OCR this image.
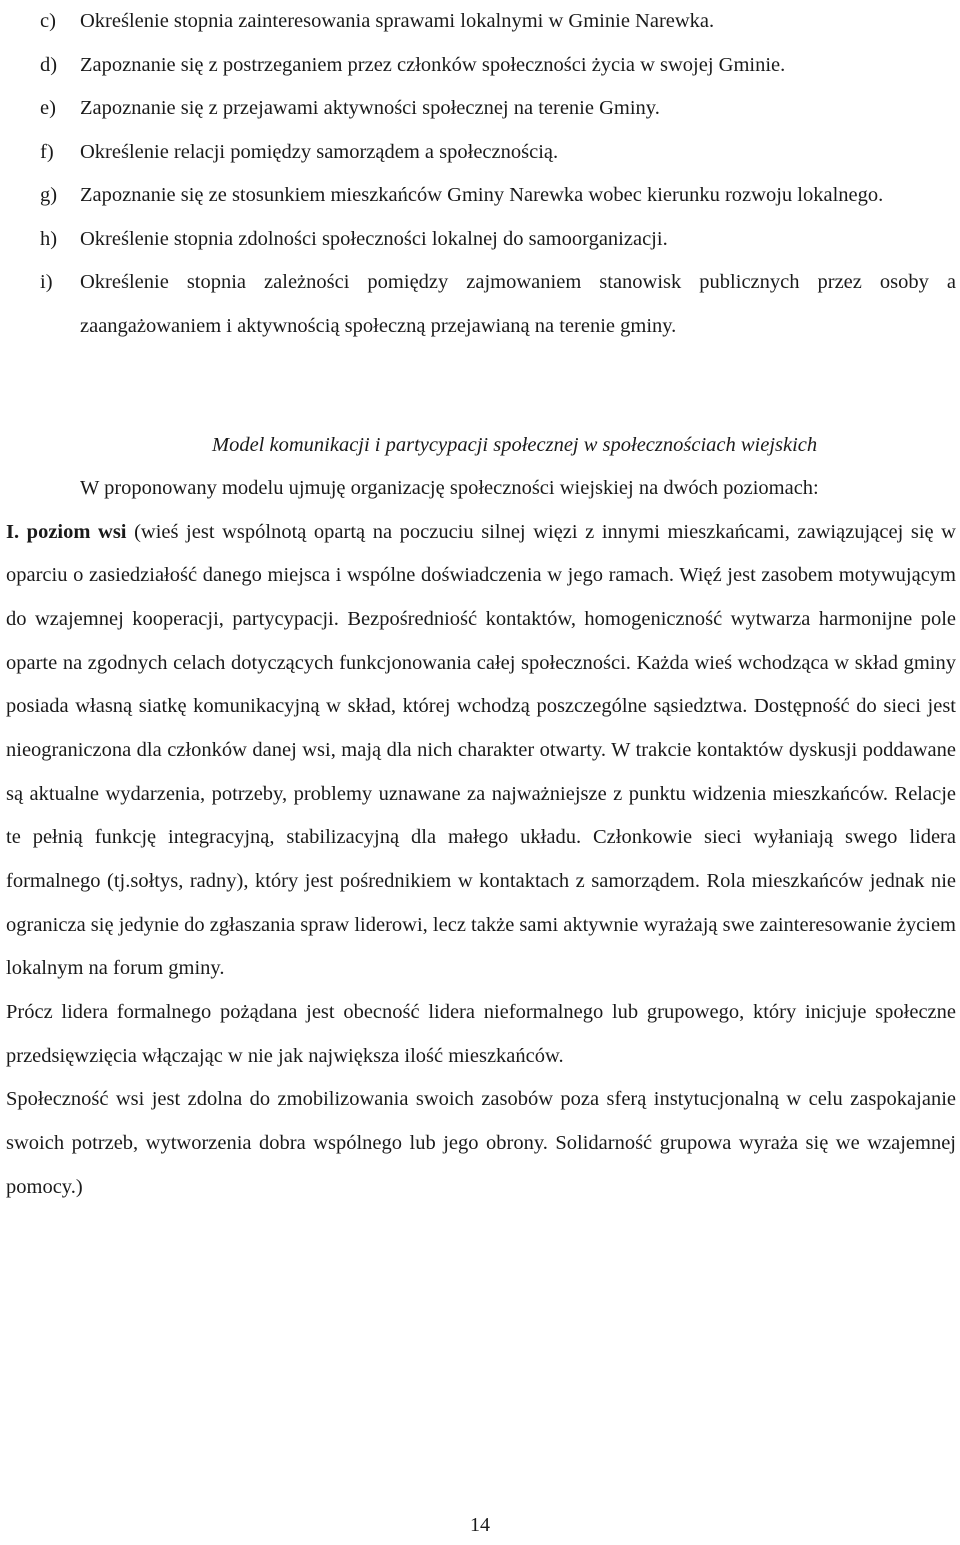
c) Określenie stopnia zainteresowania sprawami lokalnymi w Gminie Narewka.
d) Zapoznanie się z postrzeganiem przez członków społeczności życia w swojej Gminie.
e) Zapoznanie się z przejawami aktywności społecznej na terenie Gminy.
f) Określenie relacji pomiędzy samorządem a społecznością.
g) Zapoznanie się ze stosunkiem mieszkańców Gminy Narewka wobec kierunku rozwoju lokalnego.
h) Określenie stopnia zdolności społeczności lokalnej do samoorganizacji.
i) Określenie stopnia zależności pomiędzy zajmowaniem stanowisk publicznych przez osoby a zaangażowaniem i aktywnością społeczną przejawianą na terenie gminy.
Model komunikacji i partycypacji społecznej w społecznościach wiejskich

W proponowany modelu ujmuję organizację społeczności wiejskiej na dwóch poziomach:

I. poziom wsi (wieś jest wspólnotą opartą na poczuciu silnej więzi z innymi mieszkańcami, zawiązującej się w oparciu o zasiedziałość danego miejsca i wspólne doświadczenia w jego ramach. Więź jest zasobem motywującym do wzajemnej kooperacji, partycypacji. Bezpośredniość kontaktów, homogeniczność wytwarza harmonijne pole oparte na zgodnych celach dotyczących funkcjonowania całej społeczności. Każda wieś wchodząca w skład gminy posiada własną siatkę komunikacyjną w skład, której wchodzą poszczególne sąsiedztwa. Dostępność do sieci jest nieograniczona dla członków danej wsi, mają dla nich charakter otwarty. W trakcie kontaktów dyskusji poddawane są aktualne wydarzenia, potrzeby, problemy uznawane za najważniejsze z punktu widzenia mieszkańców. Relacje te pełnią funkcję integracyjną, stabilizacyjną dla małego układu. Członkowie sieci wyłaniają swego lidera formalnego (tj.sołtys, radny), który jest pośrednikiem w kontaktach z samorządem. Rola mieszkańców jednak nie ogranicza się jedynie do zgłaszania spraw liderowi, lecz także sami aktywnie wyrażają swe zainteresowanie życiem lokalnym na forum gminy.

Prócz lidera formalnego pożądana jest obecność lidera nieformalnego lub grupowego, który inicjuje społeczne przedsięwzięcia włączając w nie jak największa ilość mieszkańców.

Społeczność wsi jest zdolna do zmobilizowania swoich zasobów poza sferą instytucjonalną w celu zaspokajanie swoich potrzeb, wytworzenia dobra wspólnego lub jego obrony. Solidarność grupowa wyraża się we wzajemnej pomocy.)

14
